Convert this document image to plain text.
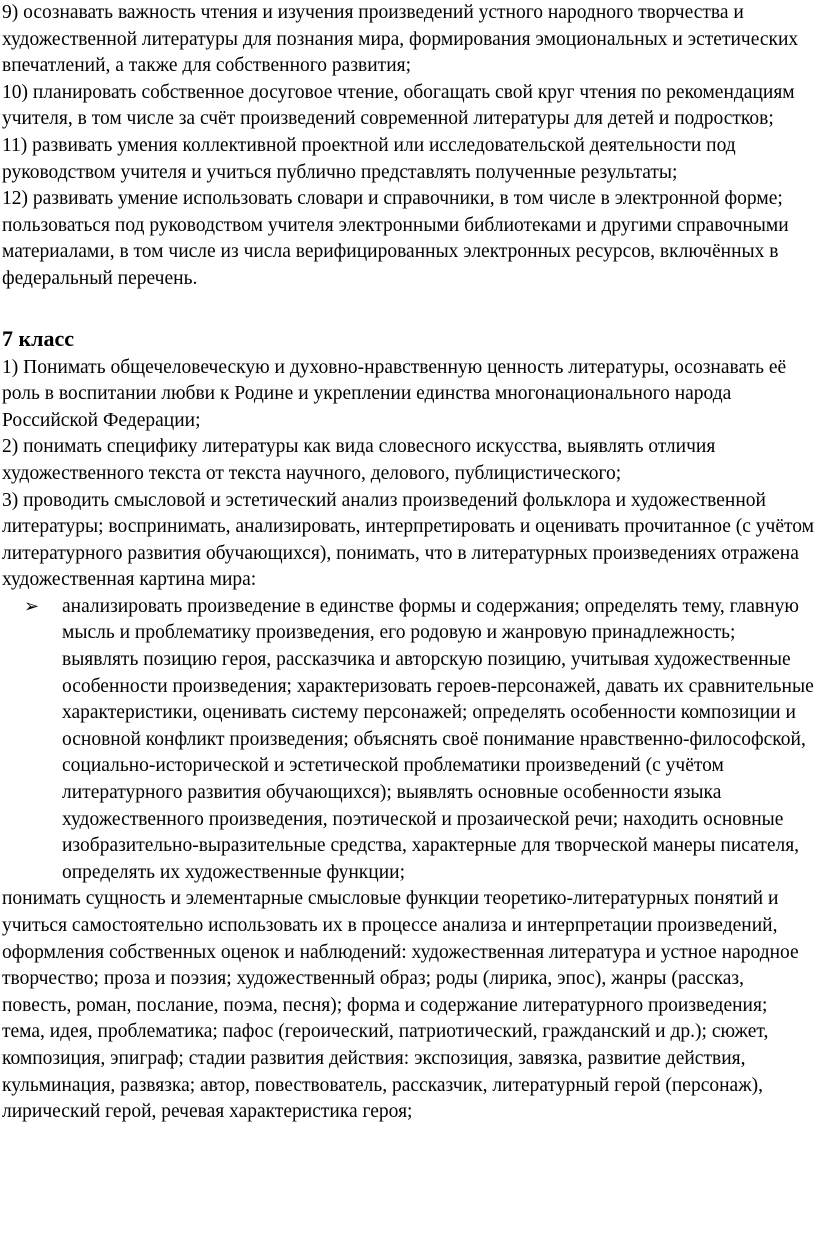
9) осознавать важность чтения и изучения произведений устного народного творчества и художественной литературы для познания мира, формирования эмоциональных и эстетических впечатлений, а также для собственного развития;

10) планировать собственное досуговое чтение, обогащать свой круг чтения по рекомендациям учителя, в том числе за счёт произведений современной литературы для детей и подростков;

11) развивать умения коллективной проектной или исследовательской деятельности под руководством учителя и учиться публично представлять полученные результаты;

12) развивать умение использовать словари и справочники, в том числе в электронной форме; пользоваться под руководством учителя электронными библиотеками и другими справочными материалами, в том числе из числа верифицированных электронных ресурсов, включённых в федеральный перечень.

7 класс

1) Понимать общечеловеческую и духовно-нравственную ценность литературы, осознавать её роль в воспитании любви к Родине и укреплении единства многонационального народа Российской Федерации;

2) понимать специфику литературы как вида словесного искусства, выявлять отличия художественного текста от текста научного, делового, публицистического;

3) проводить смысловой и эстетический анализ произведений фольклора и художественной литературы; воспринимать, анализировать, интерпретировать и оценивать прочитанное (с учётом литературного развития обучающихся), понимать, что в литературных произведениях отражена художественная картина мира:

➢	анализировать произведение в единстве формы и содержания; определять тему, главную мысль и проблематику произведения, его родовую и жанровую принадлежность; выявлять позицию героя, рассказчика и авторскую позицию, учитывая художественные особенности произведения; характеризовать героев-персонажей, давать их сравнительные характеристики, оценивать систему персонажей; определять особенности композиции и основной конфликт произведения; объяснять своё понимание нравственно-философской, социально-исторической и эстетической проблематики произведений (с учётом литературного развития обучающихся); выявлять основные особенности языка художественного произведения, поэтической и прозаической речи; находить основные изобразительно-выразительные средства, характерные для творческой манеры писателя, определять их художественные функции;

понимать сущность и элементарные смысловые функции теоретико-литературных понятий и учиться самостоятельно использовать их в процессе анализа и интерпретации произведений, оформления собственных оценок и наблюдений: художественная литература и устное народное творчество; проза и поэзия; художественный образ; роды (лирика, эпос), жанры (рассказ, повесть, роман, послание, поэма, песня); форма и содержание литературного произведения; тема, идея, проблематика; пафос (героический, патриотический, гражданский и др.); сюжет, композиция, эпиграф; стадии развития действия: экспозиция, завязка, развитие действия, кульминация, развязка; автор, повествователь, рассказчик, литературный герой (персонаж), лирический герой, речевая характеристика героя;
